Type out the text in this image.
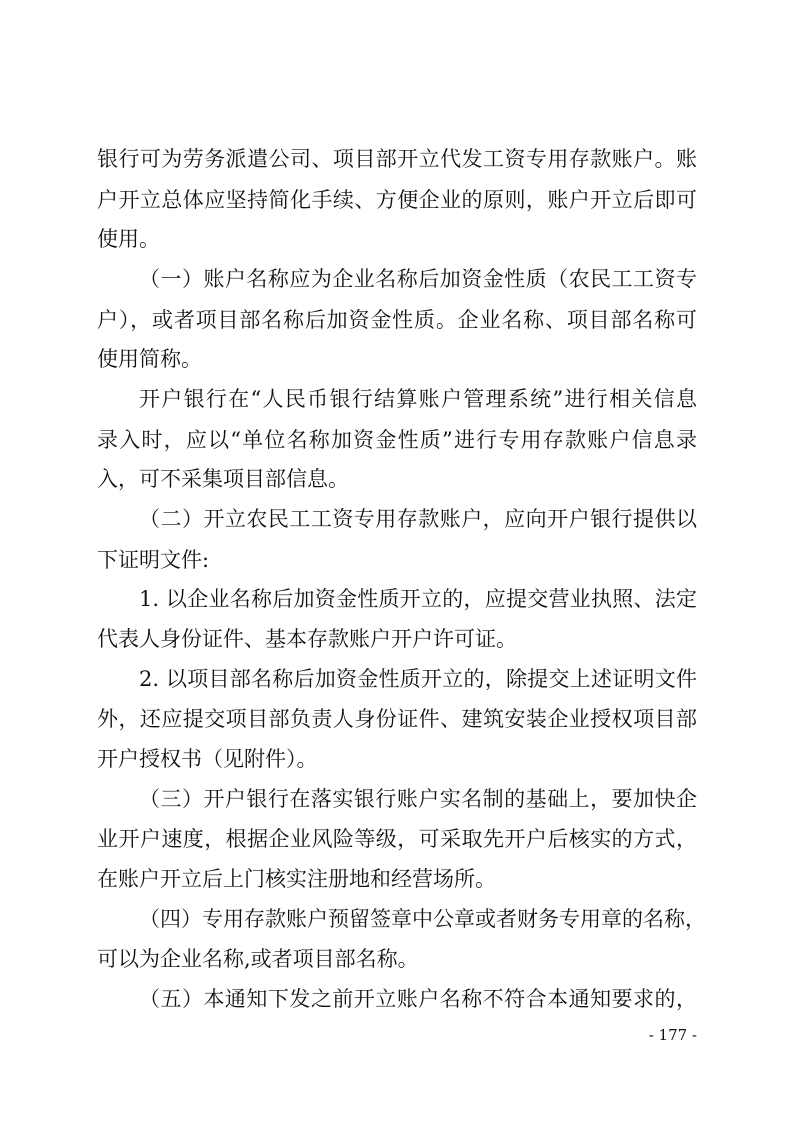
银行可为劳务派遣公司、项目部开立代发工资专用存款账户。账
户开立总体应坚持简化手续、方便企业的原则，账户开立后即可
使用。
（一）账户名称应为企业名称后加资金性质（农民工工资专
户），或者项目部名称后加资金性质。企业名称、项目部名称可
使用简称。
开户银行在“人民币银行结算账户管理系统”进行相关信息
录入时，应以“单位名称加资金性质”进行专用存款账户信息录
入，可不采集项目部信息。
（二）开立农民工工资专用存款账户，应向开户银行提供以
下证明文件:
1. 以企业名称后加资金性质开立的，应提交营业执照、法定
代表人身份证件、基本存款账户开户许可证。
2. 以项目部名称后加资金性质开立的，除提交上述证明文件
外，还应提交项目部负责人身份证件、建筑安装企业授权项目部
开户授权书（见附件）。
（三）开户银行在落实银行账户实名制的基础上，要加快企
业开户速度，根据企业风险等级，可采取先开户后核实的方式，
在账户开立后上门核实注册地和经营场所。
（四）专用存款账户预留签章中公章或者财务专用章的名称，
可以为企业名称,或者项目部名称。
（五）本通知下发之前开立账户名称不符合本通知要求的，
- 177 -
